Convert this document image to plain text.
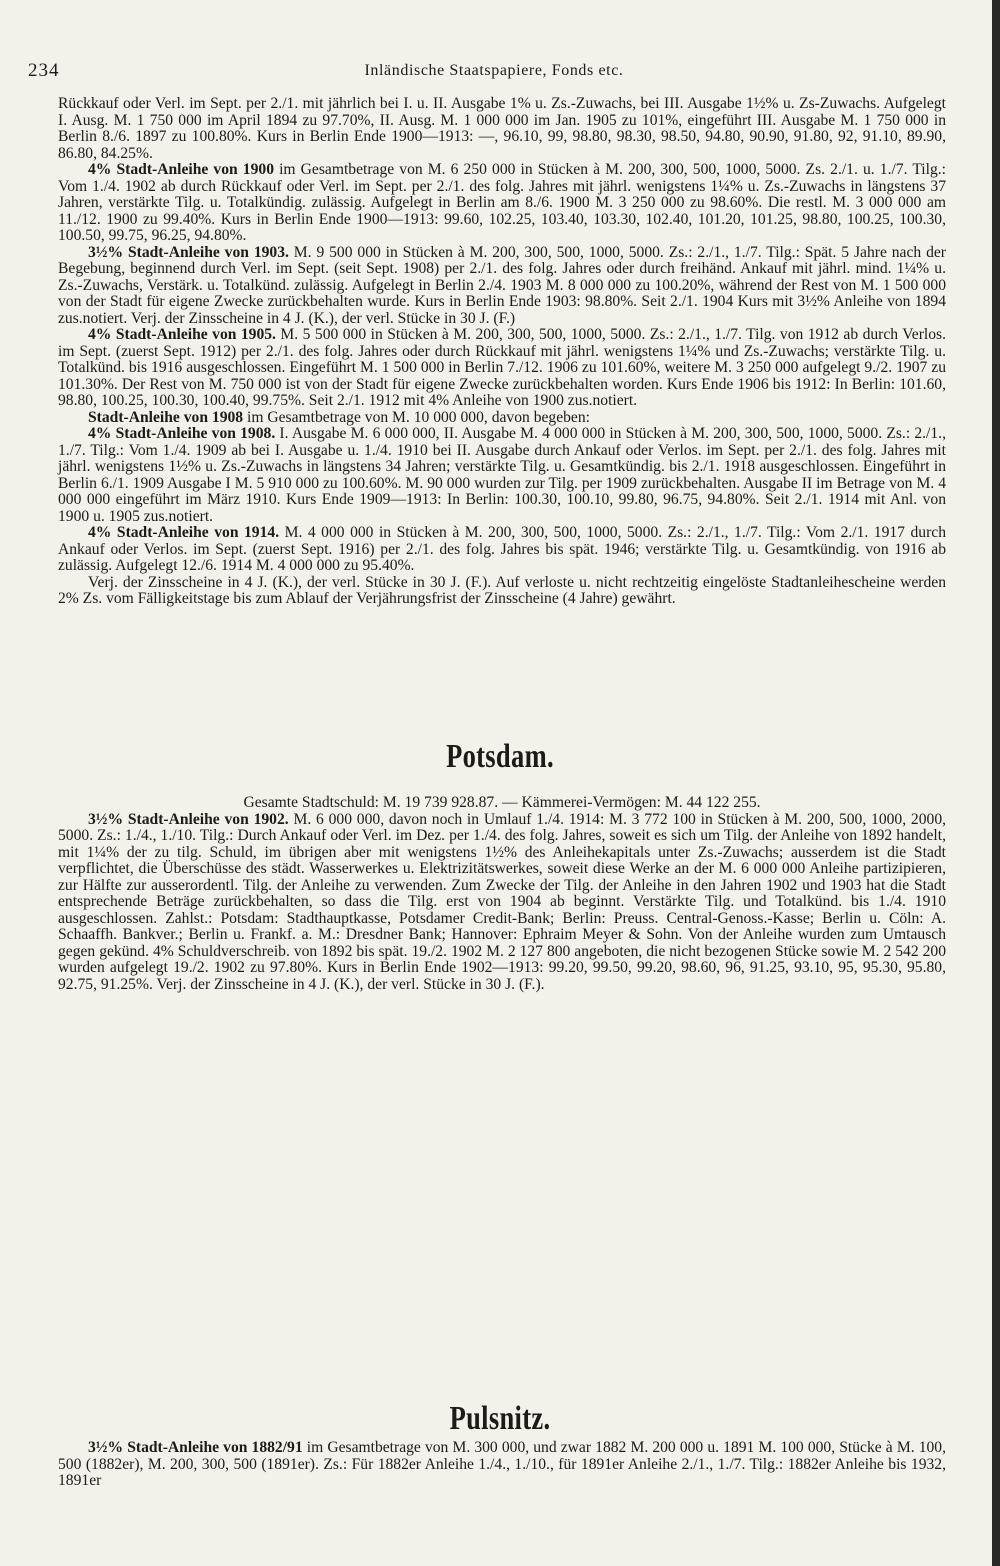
234	Inländische Staatspapiere, Fonds etc.

Rückkauf oder Verl. im Sept. per 2./1. mit jährlich bei I. u. II. Ausgabe 1% u. Zs.-Zuwachs, bei III. Ausgabe 1½% u. Zs-Zuwachs. Aufgelegt I. Ausg. M. 1 750 000 im April 1894 zu 97.70%, II. Ausg. M. 1 000 000 im Jan. 1905 zu 101%, eingeführt III. Ausgabe M. 1 750 000 in Berlin 8./6. 1897 zu 100.80%. Kurs in Berlin Ende 1900—1913: —, 96.10, 99, 98.80, 98.30, 98.50, 94.80, 90.90, 91.80, 92, 91.10, 89.90, 86.80, 84.25%.

4% Stadt-Anleihe von 1900 im Gesamtbetrage von M. 6 250 000 in Stücken à M. 200, 300, 500, 1000, 5000. Zs. 2./1. u. 1./7. Tilg.: Vom 1./4. 1902 ab durch Rückkauf oder Verl. im Sept. per 2./1. des folg. Jahres mit jährl. wenigstens 1¼% u. Zs.-Zuwachs in längstens 37 Jahren, verstärkte Tilg. u. Totalkündig. zulässig. Aufgelegt in Berlin am 8./6. 1900 M. 3 250 000 zu 98.60%. Die restl. M. 3 000 000 am 11./12. 1900 zu 99.40%. Kurs in Berlin Ende 1900—1913: 99.60, 102.25, 103.40, 103.30, 102.40, 101.20, 101.25, 98.80, 100.25, 100.30, 100.50, 99.75, 96.25, 94.80%.

3½% Stadt-Anleihe von 1903. M. 9 500 000 in Stücken à M. 200, 300, 500, 1000, 5000. Zs.: 2./1., 1./7. Tilg.: Spät. 5 Jahre nach der Begebung, beginnend durch Verl. im Sept. (seit Sept. 1908) per 2./1. des folg. Jahres oder durch freihänd. Ankauf mit jährl. mind. 1¼% u. Zs.-Zuwachs, Verstärk. u. Totalkünd. zulässig. Aufgelegt in Berlin 2./4. 1903 M. 8 000 000 zu 100.20%, während der Rest von M. 1 500 000 von der Stadt für eigene Zwecke zurückbehalten wurde. Kurs in Berlin Ende 1903: 98.80%. Seit 2./1. 1904 Kurs mit 3½% Anleihe von 1894 zus.notiert. Verj. der Zinsscheine in 4 J. (K.), der verl. Stücke in 30 J. (F.)

4% Stadt-Anleihe von 1905. M. 5 500 000 in Stücken à M. 200, 300, 500, 1000, 5000. Zs.: 2./1., 1./7. Tilg. von 1912 ab durch Verlos. im Sept. (zuerst Sept. 1912) per 2./1. des folg. Jahres oder durch Rückkauf mit jährl. wenigstens 1¼% und Zs.-Zuwachs; verstärkte Tilg. u. Totalkünd. bis 1916 ausgeschlossen. Eingeführt M. 1 500 000 in Berlin 7./12. 1906 zu 101.60%, weitere M. 3 250 000 aufgelegt 9./2. 1907 zu 101.30%. Der Rest von M. 750 000 ist von der Stadt für eigene Zwecke zurückbehalten worden. Kurs Ende 1906 bis 1912: In Berlin: 101.60, 98.80, 100.25, 100.30, 100.40, 99.75%. Seit 2./1. 1912 mit 4% Anleihe von 1900 zus.notiert.

Stadt-Anleihe von 1908 im Gesamtbetrage von M. 10 000 000, davon begeben:

4% Stadt-Anleihe von 1908. I. Ausgabe M. 6 000 000, II. Ausgabe M. 4 000 000 in Stücken à M. 200, 300, 500, 1000, 5000. Zs.: 2./1., 1./7. Tilg.: Vom 1./4. 1909 ab bei I. Ausgabe u. 1./4. 1910 bei II. Ausgabe durch Ankauf oder Verlos. im Sept. per 2./1. des folg. Jahres mit jährl. wenigstens 1½% u. Zs.-Zuwachs in längstens 34 Jahren; verstärkte Tilg. u. Gesamtkündig. bis 2./1. 1918 ausgeschlossen. Eingeführt in Berlin 6./1. 1909 Ausgabe I M. 5 910 000 zu 100.60%. M. 90 000 wurden zur Tilg. per 1909 zurückbehalten. Ausgabe II im Betrage von M. 4 000 000 eingeführt im März 1910. Kurs Ende 1909—1913: In Berlin: 100.30, 100.10, 99.80, 96.75, 94.80%. Seit 2./1. 1914 mit Anl. von 1900 u. 1905 zus.notiert.

4% Stadt-Anleihe von 1914. M. 4 000 000 in Stücken à M. 200, 300, 500, 1000, 5000. Zs.: 2./1., 1./7. Tilg.: Vom 2./1. 1917 durch Ankauf oder Verlos. im Sept. (zuerst Sept. 1916) per 2./1. des folg. Jahres bis spät. 1946; verstärkte Tilg. u. Gesamtkündig. von 1916 ab zulässig. Aufgelegt 12./6. 1914 M. 4 000 000 zu 95.40%.

Verj. der Zinsscheine in 4 J. (K.), der verl. Stücke in 30 J. (F.). Auf verloste u. nicht rechtzeitig eingelöste Stadtanleihescheine werden 2% Zs. vom Fälligkeitstage bis zum Ablauf der Verjährungsfrist der Zinsscheine (4 Jahre) gewährt.

Potsdam.

Gesamte Stadtschuld: M. 19 739 928.87. — Kämmerei-Vermögen: M. 44 122 255.

3½% Stadt-Anleihe von 1902. M. 6 000 000, davon noch in Umlauf 1./4. 1914: M. 3 772 100 in Stücken à M. 200, 500, 1000, 2000, 5000. Zs.: 1./4., 1./10. Tilg.: Durch Ankauf oder Verl. im Dez. per 1./4. des folg. Jahres, soweit es sich um Tilg. der Anleihe von 1892 handelt, mit 1¼% der zu tilg. Schuld, im übrigen aber mit wenigstens 1½% des Anleihekapitals unter Zs.-Zuwachs; ausserdem ist die Stadt verpflichtet, die Überschüsse des städt. Wasserwerkes u. Elektrizitätswerkes, soweit diese Werke an der M. 6 000 000 Anleihe partizipieren, zur Hälfte zur ausserordentl. Tilg. der Anleihe zu verwenden. Zum Zwecke der Tilg. der Anleihe in den Jahren 1902 und 1903 hat die Stadt entsprechende Beträge zurückbehalten, so dass die Tilg. erst von 1904 ab beginnt. Verstärkte Tilg. und Totalkünd. bis 1./4. 1910 ausgeschlossen. Zahlst.: Potsdam: Stadthauptkasse, Potsdamer Credit-Bank; Berlin: Preuss. Central-Genoss.-Kasse; Berlin u. Cöln: A. Schaaffh. Bankver.; Berlin u. Frankf. a. M.: Dresdner Bank; Hannover: Ephraim Meyer & Sohn. Von der Anleihe wurden zum Umtausch gegen gekünd. 4% Schuldverschreib. von 1892 bis spät. 19./2. 1902 M. 2 127 800 angeboten, die nicht bezogenen Stücke sowie M. 2 542 200 wurden aufgelegt 19./2. 1902 zu 97.80%. Kurs in Berlin Ende 1902—1913: 99.20, 99.50, 99.20, 98.60, 96, 91.25, 93.10, 95, 95.30, 95.80, 92.75, 91.25%. Verj. der Zinsscheine in 4 J. (K.), der verl. Stücke in 30 J. (F.).

Pulsnitz.

3½% Stadt-Anleihe von 1882/91 im Gesamtbetrage von M. 300 000, und zwar 1882 M. 200 000 u. 1891 M. 100 000, Stücke à M. 100, 500 (1882er), M. 200, 300, 500 (1891er). Zs.: Für 1882er Anleihe 1./4., 1./10., für 1891er Anleihe 2./1., 1./7. Tilg.: 1882er Anleihe bis 1932, 1891er
